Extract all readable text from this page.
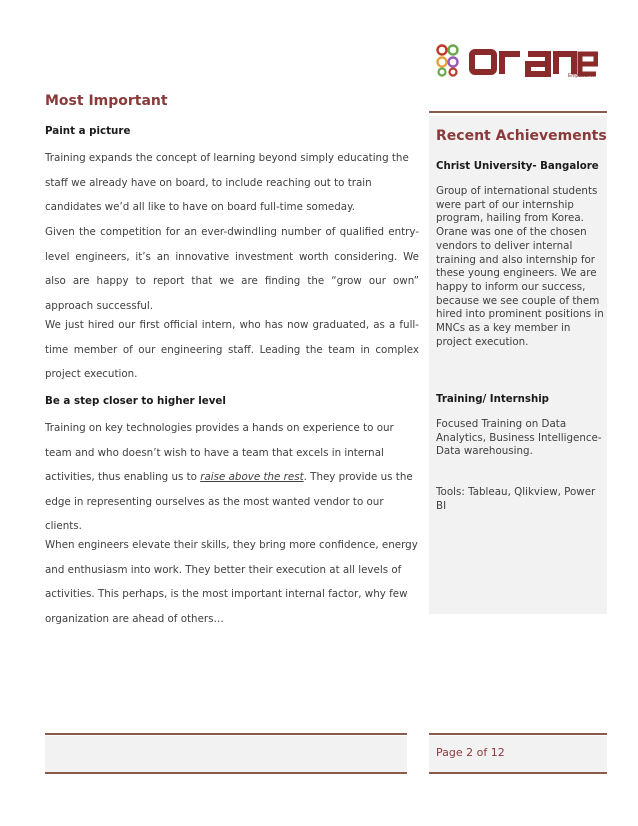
Empower IT
Most Important
Paint a picture
Training expands the concept of learning beyond simply educating the staff we already have on board, to include reaching out to train candidates we’d all like to have on board full-time someday.
Given the competition for an ever-dwindling number of qualified entry-level engineers, it’s an innovative investment worth considering. We also are happy to report that we are finding the “grow our own” approach successful.
We just hired our first official intern, who has now graduated, as a full-time member of our engineering staff. Leading the team in complex project execution.
Be a step closer to higher level
Training on key technologies provides a hands on experience to our team and who doesn’t wish to have a team that excels in internal activities, thus enabling us to raise above the rest. They provide us the edge in representing ourselves as the most wanted vendor to our clients.
When engineers elevate their skills, they bring more confidence, energy and enthusiasm into work. They better their execution at all levels of activities. This perhaps, is the most important internal factor, why few organization are ahead of others…
Recent Achievements
Christ University- Bangalore
Group of international students were part of our internship program, hailing from Korea. Orane was one of the chosen vendors to deliver internal training and also internship for these young engineers. We are happy to inform our success, because we see couple of them hired into prominent positions in MNCs as a key member in project execution.
Training/ Internship
Focused Training on Data Analytics, Business Intelligence- Data warehousing.
Tools: Tableau, Qlikview, Power BI
Page 2 of 12
